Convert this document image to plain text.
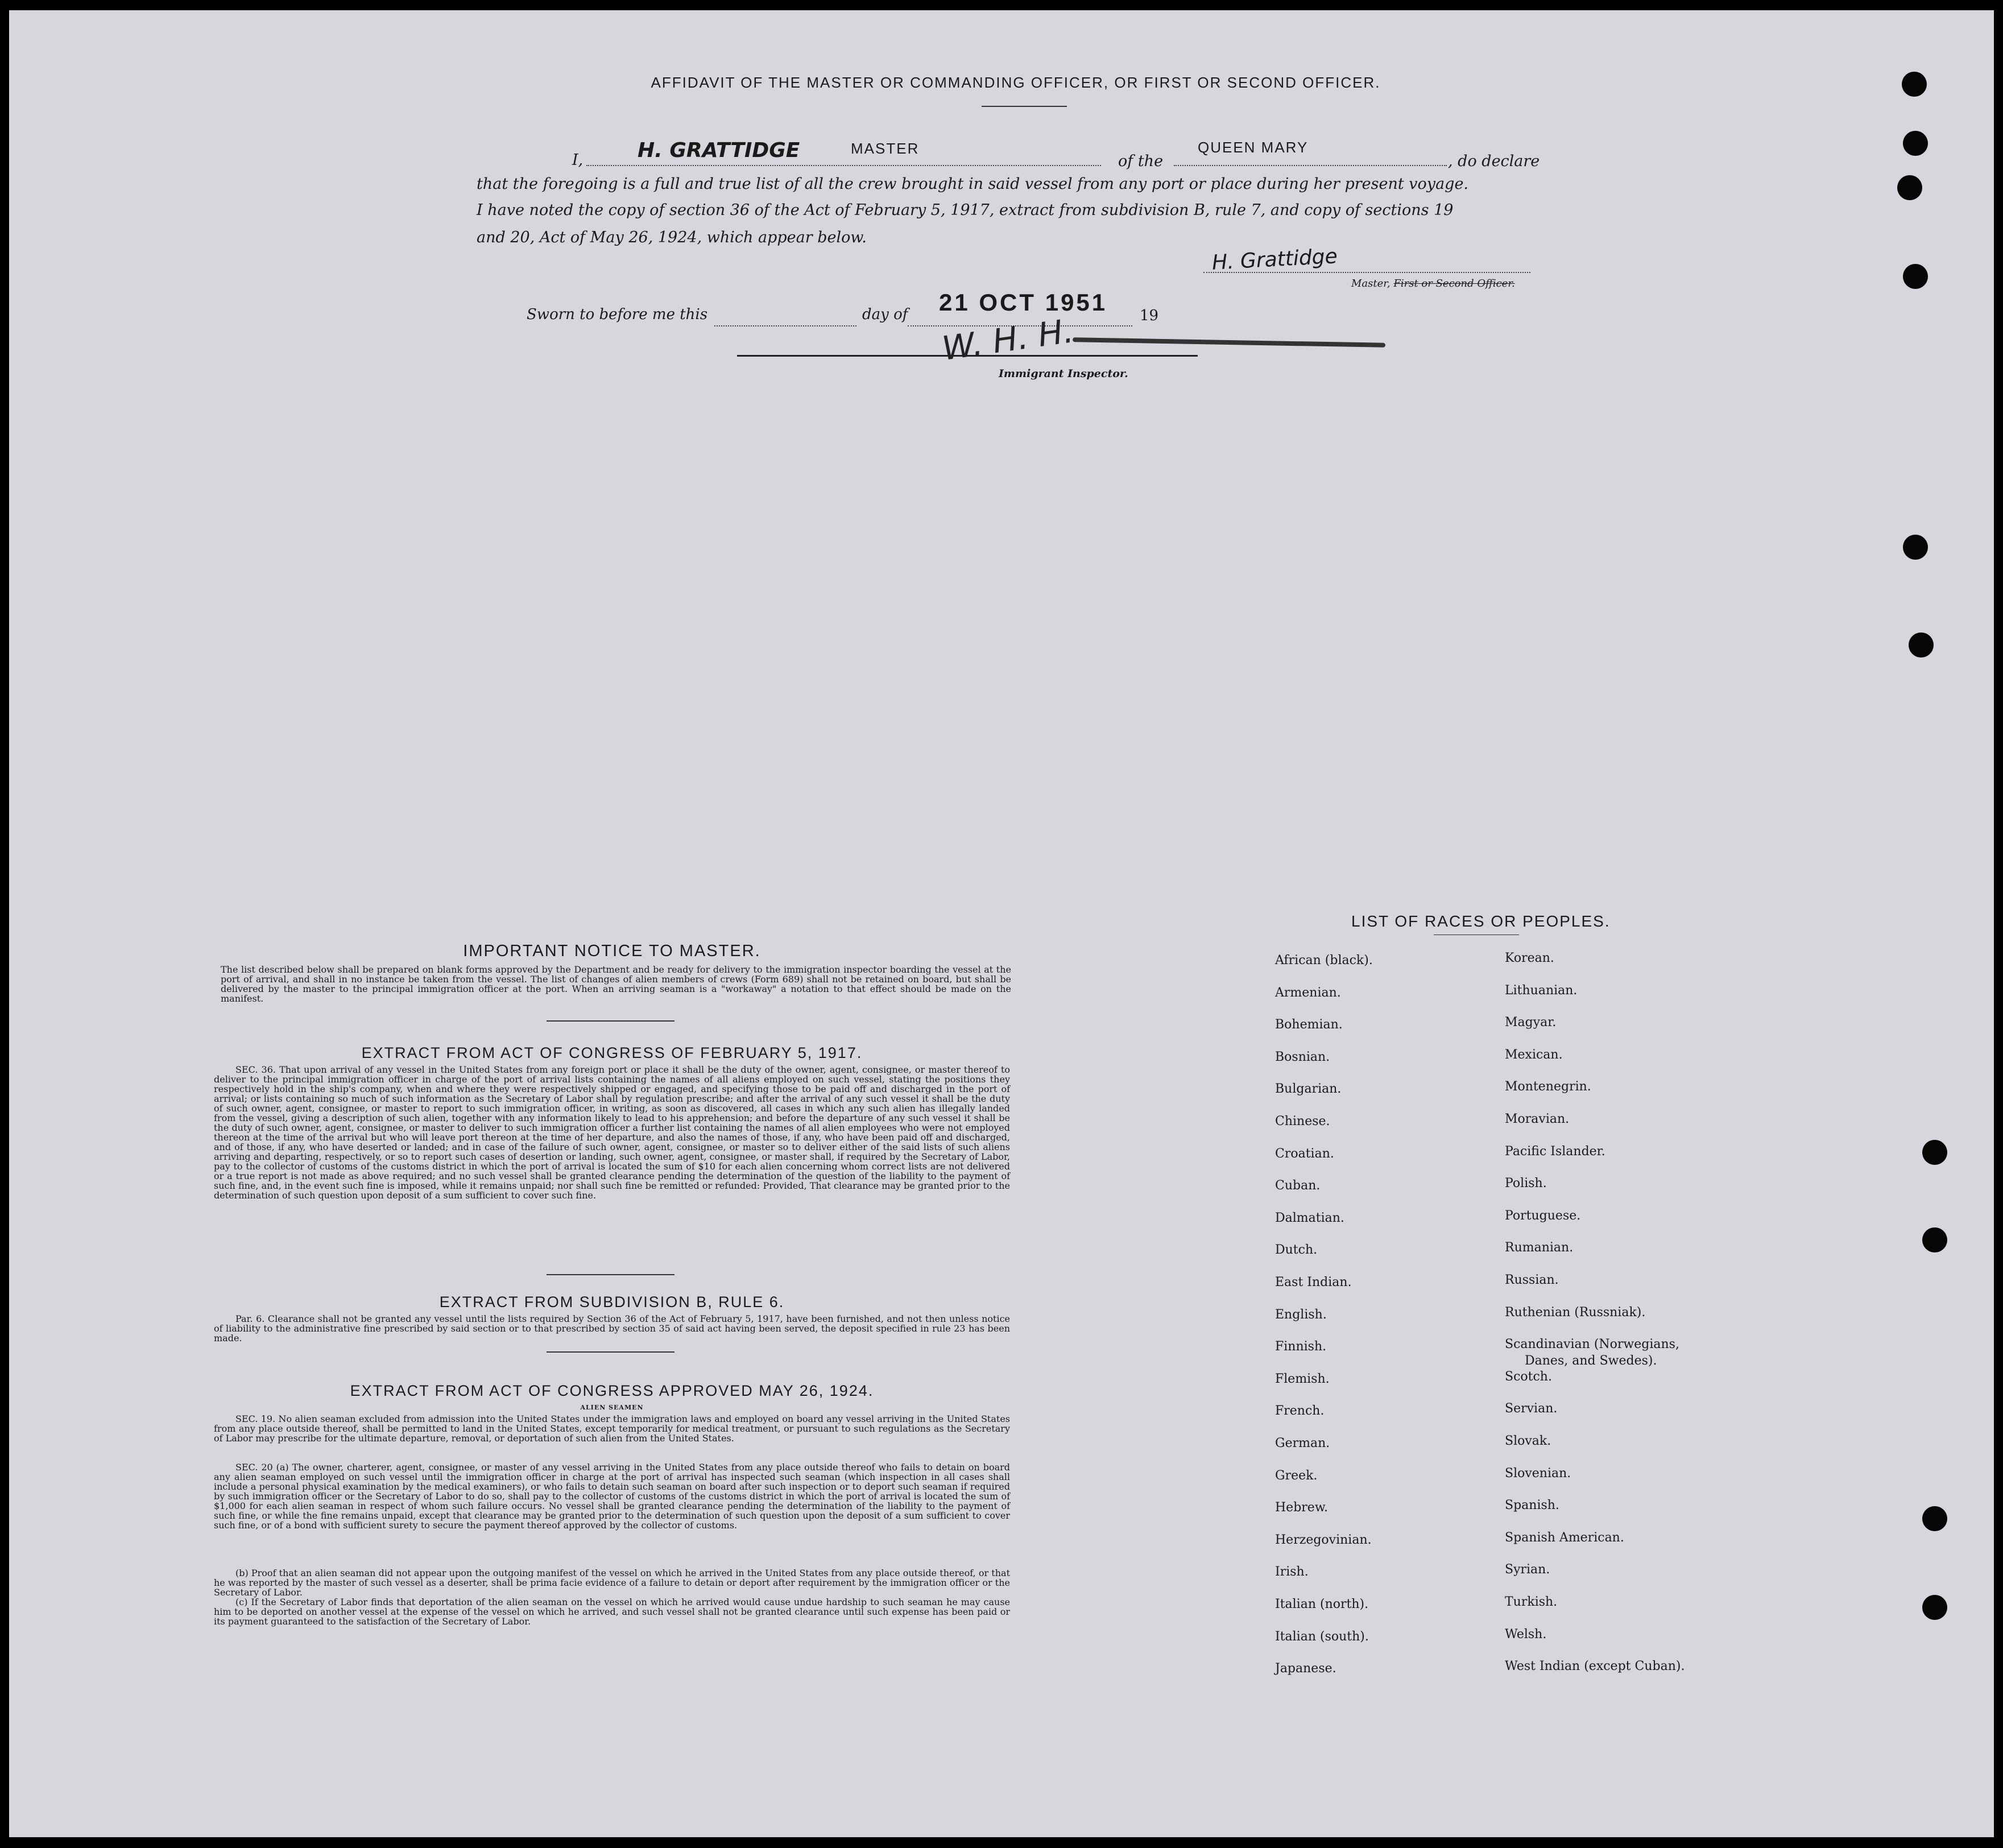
AFFIDAVIT OF THE MASTER OR COMMANDING OFFICER, OR FIRST OR SECOND OFFICER.
I,	H. GRATTIDGE	MASTER
of the
QUEEN MARY
, do declare
that the foregoing is a full and true list of all the crew brought in said vessel from any port or place during her present voyage.
I have noted the copy of section 36 of the Act of February 5, 1917, extract from subdivision B, rule 7, and copy of sections 19
and 20, Act of May 26, 1924, which appear below.
H. Grattidge
Master, First or Second Officer.
Sworn to before me this	day of 21 OCT 1951 19
W. H. H.
Immigrant Inspector.
IMPORTANT NOTICE TO MASTER.
The list described below shall be prepared on blank forms approved by the Department and be ready for delivery to the immigration inspector boarding the vessel at the port of arrival, and shall in no instance be taken from the vessel. The list of changes of alien members of crews (Form 689) shall not be retained on board, but shall be delivered by the master to the principal immigration officer at the port. When an arriving seaman is a "workaway" a notation to that effect should be made on the manifest.
EXTRACT FROM ACT OF CONGRESS OF FEBRUARY 5, 1917.
SEC. 36. That upon arrival of any vessel in the United States from any foreign port or place it shall be the duty of the owner, agent, consignee, or master thereof to deliver to the principal immigration officer in charge of the port of arrival lists containing the names of all aliens employed on such vessel, stating the positions they respectively hold in the ship's company, when and where they were respectively shipped or engaged, and specifying those to be paid off and discharged in the port of arrival; or lists containing so much of such information as the Secretary of Labor shall by regulation prescribe; and after the arrival of any such vessel it shall be the duty of such owner, agent, consignee, or master to report to such immigration officer, in writing, as soon as discovered, all cases in which any such alien has illegally landed from the vessel, giving a description of such alien, together with any information likely to lead to his apprehension; and before the departure of any such vessel it shall be the duty of such owner, agent, consignee, or master to deliver to such immigration officer a further list containing the names of all alien employees who were not employed thereon at the time of the arrival but who will leave port thereon at the time of her departure, and also the names of those, if any, who have been paid off and discharged, and of those, if any, who have deserted or landed; and in case of the failure of such owner, agent, consignee, or master so to deliver either of the said lists of such aliens arriving and departing, respectively, or so to report such cases of desertion or landing, such owner, agent, consignee, or master shall, if required by the Secretary of Labor, pay to the collector of customs of the customs district in which the port of arrival is located the sum of $10 for each alien concerning whom correct lists are not delivered or a true report is not made as above required; and no such vessel shall be granted clearance pending the determination of the question of the liability to the payment of such fine, and, in the event such fine is imposed, while it remains unpaid; nor shall such fine be remitted or refunded: Provided, That clearance may be granted prior to the determination of such question upon deposit of a sum sufficient to cover such fine.
EXTRACT FROM SUBDIVISION B, RULE 6.
Par. 6. Clearance shall not be granted any vessel until the lists required by Section 36 of the Act of February 5, 1917, have been furnished, and not then unless notice of liability to the administrative fine prescribed by said section or to that prescribed by section 35 of said act having been served, the deposit specified in rule 23 has been made.
EXTRACT FROM ACT OF CONGRESS APPROVED MAY 26, 1924.
ALIEN SEAMEN
SEC. 19. No alien seaman excluded from admission into the United States under the immigration laws and employed on board any vessel arriving in the United States from any place outside thereof, shall be permitted to land in the United States, except temporarily for medical treatment, or pursuant to such regulations as the Secretary of Labor may prescribe for the ultimate departure, removal, or deportation of such alien from the United States.
SEC. 20 (a) The owner, charterer, agent, consignee, or master of any vessel arriving in the United States from any place outside thereof who fails to detain on board any alien seaman employed on such vessel until the immigration officer in charge at the port of arrival has inspected such seaman (which inspection in all cases shall include a personal physical examination by the medical examiners), or who fails to detain such seaman on board after such inspection or to deport such seaman if required by such immigration officer or the Secretary of Labor to do so, shall pay to the collector of customs of the customs district in which the port of arrival is located the sum of $1,000 for each alien seaman in respect of whom such failure occurs. No vessel shall be granted clearance pending the determination of the liability to the payment of such fine, or while the fine remains unpaid, except that clearance may be granted prior to the determination of such question upon the deposit of a sum sufficient to cover such fine, or of a bond with sufficient surety to secure the payment thereof approved by the collector of customs.
(b) Proof that an alien seaman did not appear upon the outgoing manifest of the vessel on which he arrived in the United States from any place outside thereof, or that he was reported by the master of such vessel as a deserter, shall be prima facie evidence of a failure to detain or deport after requirement by the immigration officer or the Secretary of Labor.
(c) If the Secretary of Labor finds that deportation of the alien seaman on the vessel on which he arrived would cause undue hardship to such seaman he may cause him to be deported on another vessel at the expense of the vessel on which he arrived, and such vessel shall not be granted clearance until such expense has been paid or its payment guaranteed to the satisfaction of the Secretary of Labor.
LIST OF RACES OR PEOPLES.
African (black).
Armenian.
Bohemian.
Bosnian.
Bulgarian.
Chinese.
Croatian.
Cuban.
Dalmatian.
Dutch.
East Indian.
English.
Finnish.
Flemish.
French.
German.
Greek.
Hebrew.
Herzegovinian.
Irish.
Italian (north).
Italian (south).
Japanese.
Korean.
Lithuanian.
Magyar.
Mexican.
Montenegrin.
Moravian.
Pacific Islander.
Polish.
Portuguese.
Rumanian.
Russian.
Ruthenian (Russniak).
Scandinavian (Norwegians,
Scotch.
Servian.
Slovak.
Slovenian.
Spanish.
Spanish American.
Syrian.
Turkish.
Welsh.
West Indian (except Cuban).
Danes, and Swedes).
